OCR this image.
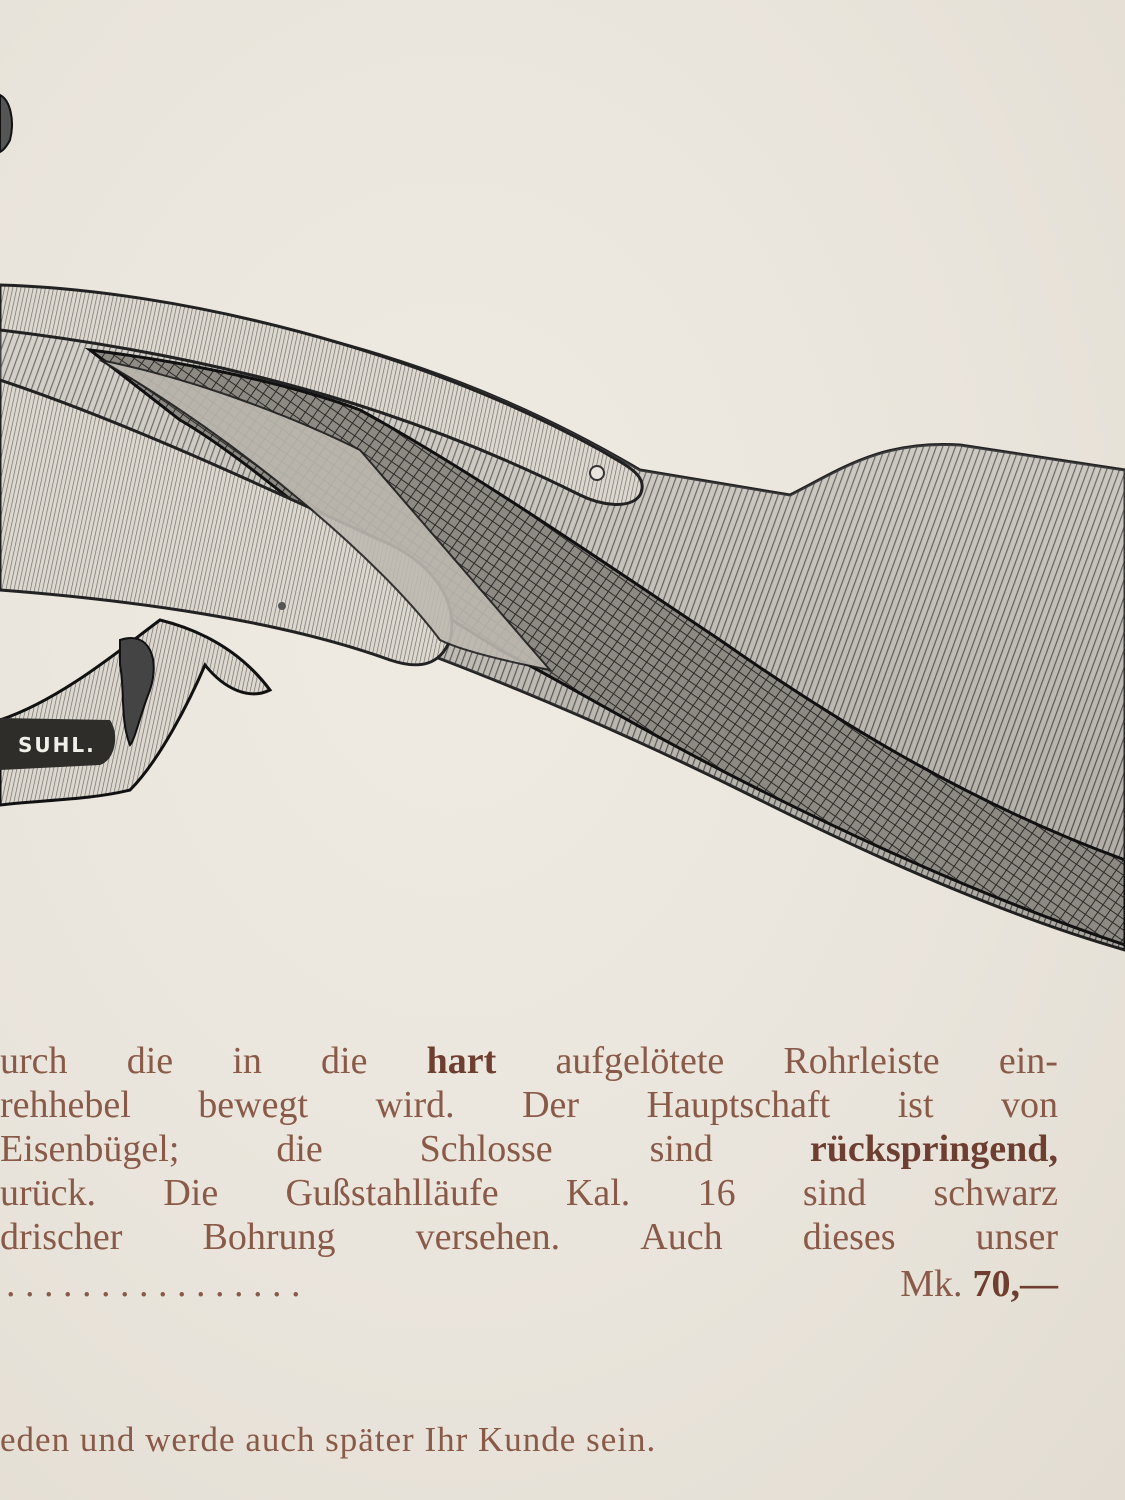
SUHL.
urch die in die hart aufgelötete Rohrleiste ein-
rehhebel bewegt wird. Der Hauptschaft ist von
Eisenbügel;	die	Schlosse	sind	rückspringend,
urück. Die Gußstahlläufe Kal. 16 sind schwarz
drischer Bohrung versehen. Auch dieses unser
. . . . . . . . . . . . . . . .	Mk. 70,—
eden und werde auch später Ihr Kunde sein.
